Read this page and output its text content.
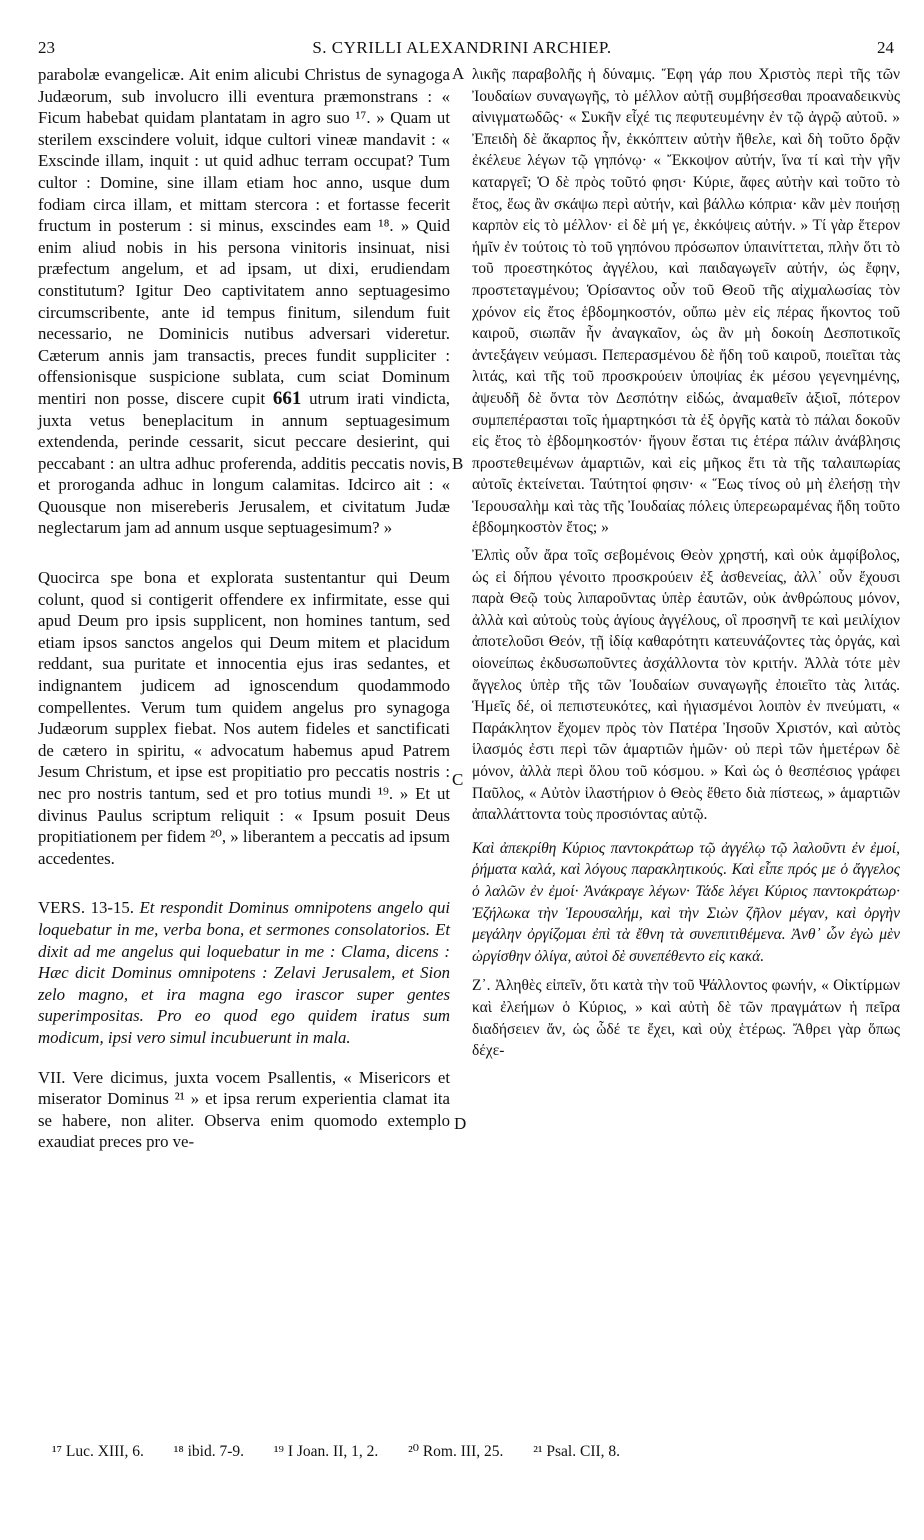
23	S. CYRILLI ALEXANDRINI ARCHIEP.	24
A
B
C
D

parabolæ evangelicæ. Ait enim alicubi Christus de synagoga Judæorum, sub involucro illi eventura præmonstrans : « Ficum habebat quidam plantatam in agro suo ¹⁷. » Quam ut sterilem exscindere voluit, idque cultori vineæ mandavit : « Exscinde illam, inquit : ut quid adhuc terram occupat? Tum cultor : Domine, sine illam etiam hoc anno, usque dum fodiam circa illam, et mittam stercora : et fortasse fecerit fructum in posterum : si minus, exscindes eam ¹⁸. » Quid enim aliud nobis in his persona vinitoris insinuat, nisi præfectum angelum, et ad ipsam, ut dixi, erudiendam constitutum? Igitur Deo captivitatem anno septuagesimo circumscribente, ante id tempus finitum, silendum fuit necessario, ne Dominicis nutibus adversari videretur. Cæterum annis jam transactis, preces fundit suppliciter : offensionisque suspicione sublata, cum sciat Dominum mentiri non posse, discere cupit 661 utrum irati vindicta, juxta vetus beneplacitum in annum septuagesimum extendenda, perinde cessarit, sicut peccare desierint, qui peccabant : an ultra adhuc proferenda, additis peccatis novis, et proroganda adhuc in longum calamitas. Idcirco ait : « Quousque non misereberis Jerusalem, et civitatum Judæ neglectarum jam ad annum usque septuagesimum? »

Quocirca spe bona et explorata sustentantur qui Deum colunt, quod si contigerit offendere ex infirmitate, esse qui apud Deum pro ipsis supplicent, non homines tantum, sed etiam ipsos sanctos angelos qui Deum mitem et placidum reddant, sua puritate et innocentia ejus iras sedantes, et indignantem judicem ad ignoscendum quodammodo compellentes. Verum tum quidem angelus pro synagoga Judæorum supplex fiebat. Nos autem fideles et sanctificati de cætero in spiritu, « advocatum habemus apud Patrem Jesum Christum, et ipse est propitiatio pro peccatis nostris : nec pro nostris tantum, sed et pro totius mundi ¹⁹. » Et ut divinus Paulus scriptum reliquit : « Ipsum posuit Deus propitiationem per fidem ²⁰, » liberantem a peccatis ad ipsum accedentes.

VERS. 13-15. Et respondit Dominus omnipotens angelo qui loquebatur in me, verba bona, et sermones consolatorios. Et dixit ad me angelus qui loquebatur in me : Clama, dicens : Hæc dicit Dominus omnipotens : Zelavi Jerusalem, et Sion zelo magno, et ira magna ego irascor super gentes superimpositas. Pro eo quod ego quidem iratus sum modicum, ipsi vero simul incubuerunt in mala.

VII. Vere dicimus, juxta vocem Psallentis, « Misericors et miserator Dominus ²¹ » et ipsa rerum experientia clamat ita se habere, non aliter. Observa enim quomodo extemplo exaudiat preces pro ve-

λικῆς παραβολῆς ἡ δύναμις. Ἔφη γάρ που Χριστὸς περὶ τῆς τῶν Ἰουδαίων συναγωγῆς, τὸ μέλλον αὐτῇ συμβήσεσθαι προαναδεικνὺς αἰνιγματωδῶς· « Συκῆν εἶχέ τις πεφυτευμένην ἐν τῷ ἀγρῷ αὐτοῦ. » Ἐπειδὴ δὲ ἄκαρπος ἦν, ἐκκόπτειν αὐτὴν ἤθελε, καὶ δὴ τοῦτο δρᾷν ἐκέλευε λέγων τῷ γηπόνῳ· « Ἔκκοψον αὐτήν, ἵνα τί καὶ τὴν γῆν καταργεῖ; Ὁ δὲ πρὸς τοῦτό φησι· Κύριε, ἄφες αὐτὴν καὶ τοῦτο τὸ ἔτος, ἕως ἂν σκάψω περὶ αὐτήν, καὶ βάλλω κόπρια· κἂν μὲν ποιήσῃ καρπὸν εἰς τὸ μέλλον· εἰ δὲ μή γε, ἐκκόψεις αὐτήν. » Τί γὰρ ἕτερον ἡμῖν ἐν τούτοις τὸ τοῦ γηπόνου πρόσωπον ὑπαινίττεται, πλὴν ὅτι τὸ τοῦ προεστηκότος ἀγγέλου, καὶ παιδαγωγεῖν αὐτήν, ὡς ἔφην, προστεταγμένου; Ὁρίσαντος οὖν τοῦ Θεοῦ τῆς αἰχμαλωσίας τὸν χρόνον εἰς ἔτος ἑβδομηκοστόν, οὔπω μὲν εἰς πέρας ἥκοντος τοῦ καιροῦ, σιωπᾶν ἦν ἀναγκαῖον, ὡς ἂν μὴ δοκοίη Δεσποτικοῖς ἀντεξάγειν νεύμασι. Πεπερασμένου δὲ ἤδη τοῦ καιροῦ, ποιεῖται τὰς λιτάς, καὶ τῆς τοῦ προσκρούειν ὑποψίας ἐκ μέσου γεγενημένης, ἀψευδῆ δὲ ὄντα τὸν Δεσπότην εἰδώς, ἀναμαθεῖν ἀξιοῖ, πότερον συμπεπέρασται τοῖς ἡμαρτηκόσι τὰ ἐξ ὀργῆς κατὰ τὸ πάλαι δοκοῦν εἰς ἔτος τὸ ἑβδομηκοστόν· ἤγουν ἔσται τις ἑτέρα πάλιν ἀνάβλησις προστεθειμένων ἁμαρτιῶν, καὶ εἰς μῆκος ἔτι τὰ τῆς ταλαιπωρίας αὐτοῖς ἐκτείνεται. Ταύτητοί φησιν· « Ἕως τίνος οὐ μὴ ἐλεήσῃ τὴν Ἱερουσαλὴμ καὶ τὰς τῆς Ἰουδαίας πόλεις ὑπερεωραμένας ἤδη τοῦτο ἑβδομηκοστὸν ἔτος; »

Ἐλπὶς οὖν ἄρα τοῖς σεβομένοις Θεὸν χρηστή, καὶ οὐκ ἀμφίβολος, ὡς εἰ δήπου γένοιτο προσκρούειν ἐξ ἀσθενείας, ἀλλ᾽ οὖν ἔχουσι παρὰ Θεῷ τοὺς λιπαροῦντας ὑπὲρ ἑαυτῶν, οὐκ ἀνθρώπους μόνον, ἀλλὰ καὶ αὐτοὺς τοὺς ἁγίους ἀγγέλους, οἳ προσηνῆ τε καὶ μειλίχιον ἀποτελοῦσι Θεόν, τῇ ἰδίᾳ καθαρότητι κατευνάζοντες τὰς ὀργάς, καὶ οἱονείπως ἐκδυσωποῦντες ἀσχάλλοντα τὸν κριτήν. Ἀλλὰ τότε μὲν ἄγγελος ὑπὲρ τῆς τῶν Ἰουδαίων συναγωγῆς ἐποιεῖτο τὰς λιτάς. Ἡμεῖς δέ, οἱ πεπιστευκότες, καὶ ἡγιασμένοι λοιπὸν ἐν πνεύματι, « Παράκλητον ἔχομεν πρὸς τὸν Πατέρα Ἰησοῦν Χριστόν, καὶ αὐτὸς ἱλασμός ἐστι περὶ τῶν ἁμαρτιῶν ἡμῶν· οὐ περὶ τῶν ἡμετέρων δὲ μόνον, ἀλλὰ περὶ ὅλου τοῦ κόσμου. » Καὶ ὡς ὁ θεσπέσιος γράφει Παῦλος, « Αὐτὸν ἱλαστήριον ὁ Θεὸς ἔθετο διὰ πίστεως, » ἁμαρτιῶν ἀπαλλάττοντα τοὺς προσιόντας αὐτῷ.

Καὶ ἀπεκρίθη Κύριος παντοκράτωρ τῷ ἀγγέλῳ τῷ λαλοῦντι ἐν ἐμοί, ῥήματα καλά, καὶ λόγους παρακλητικούς. Καὶ εἶπε πρός με ὁ ἄγγελος ὁ λαλῶν ἐν ἐμοί· Ἀνάκραγε λέγων· Τάδε λέγει Κύριος παντοκράτωρ· Ἐζήλωκα τὴν Ἱερουσαλήμ, καὶ τὴν Σιὼν ζῆλον μέγαν, καὶ ὀργὴν μεγάλην ὀργίζομαι ἐπὶ τὰ ἔθνη τὰ συνεπιτιθέμενα. Ἀνθ᾽ ὧν ἐγὼ μὲν ὠργίσθην ὀλίγα, αὐτοὶ δὲ συνεπέθεντο εἰς κακά.

Ζ᾽. Ἀληθὲς εἰπεῖν, ὅτι κατὰ τὴν τοῦ Ψάλλοντος φωνήν, « Οἰκτίρμων καὶ ἐλεήμων ὁ Κύριος, » καὶ αὐτὴ δὲ τῶν πραγμάτων ἡ πεῖρα διαδήσειεν ἄν, ὡς ὧδέ τε ἔχει, καὶ οὐχ ἑτέρως. Ἄθρει γὰρ ὅπως δέχε-

¹⁷ Luc. XIII, 6. ¹⁸ ibid. 7-9. ¹⁹ I Joan. II, 1, 2. ²⁰ Rom. III, 25. ²¹ Psal. CII, 8.
